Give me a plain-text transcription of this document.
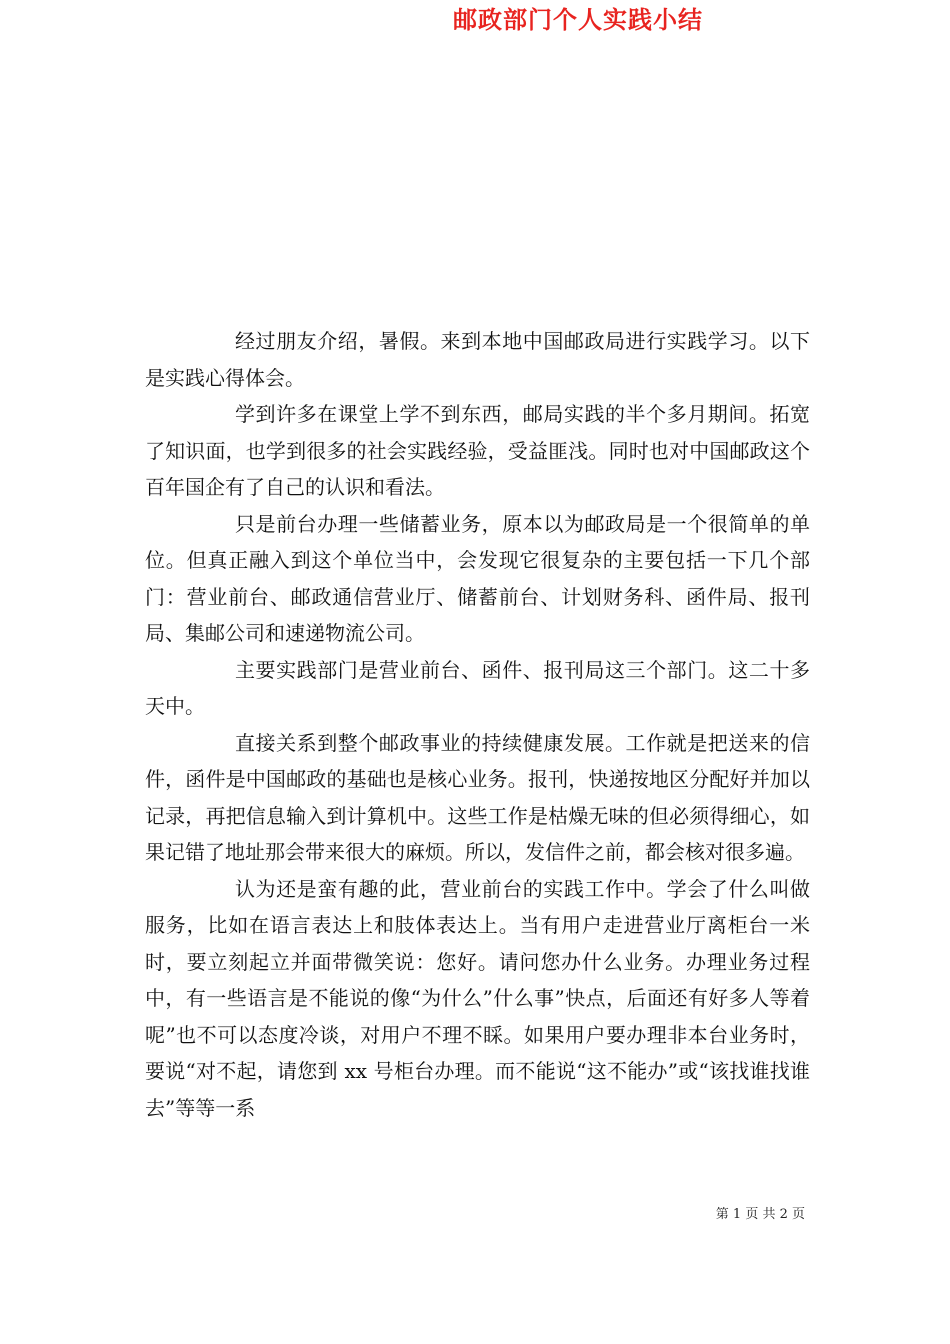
邮政部门个人实践小结

经过朋友介绍，暑假。来到本地中国邮政局进行实践学习。以下是实践心得体会。

学到许多在课堂上学不到东西，邮局实践的半个多月期间。拓宽了知识面，也学到很多的社会实践经验，受益匪浅。同时也对中国邮政这个百年国企有了自己的认识和看法。

只是前台办理一些储蓄业务，原本以为邮政局是一个很简单的单位。但真正融入到这个单位当中，会发现它很复杂的主要包括一下几个部门：营业前台、邮政通信营业厅、储蓄前台、计划财务科、函件局、报刊局、集邮公司和速递物流公司。

主要实践部门是营业前台、函件、报刊局这三个部门。这二十多天中。

直接关系到整个邮政事业的持续健康发展。工作就是把送来的信件，函件是中国邮政的基础也是核心业务。报刊，快递按地区分配好并加以记录，再把信息输入到计算机中。这些工作是枯燥无味的但必须得细心，如果记错了地址那会带来很大的麻烦。所以，发信件之前，都会核对很多遍。

认为还是蛮有趣的此，营业前台的实践工作中。学会了什么叫做服务，比如在语言表达上和肢体表达上。当有用户走进营业厅离柜台一米时，要立刻起立并面带微笑说：您好。请问您办什么业务。办理业务过程中，有一些语言是不能说的像“为什么”什么事”快点，后面还有好多人等着呢”也不可以态度冷谈，对用户不理不睬。如果用户要办理非本台业务时，要说“对不起，请您到 xx 号柜台办理。而不能说“这不能办”或“该找谁找谁去”等等一系

第 1 页 共 2 页
